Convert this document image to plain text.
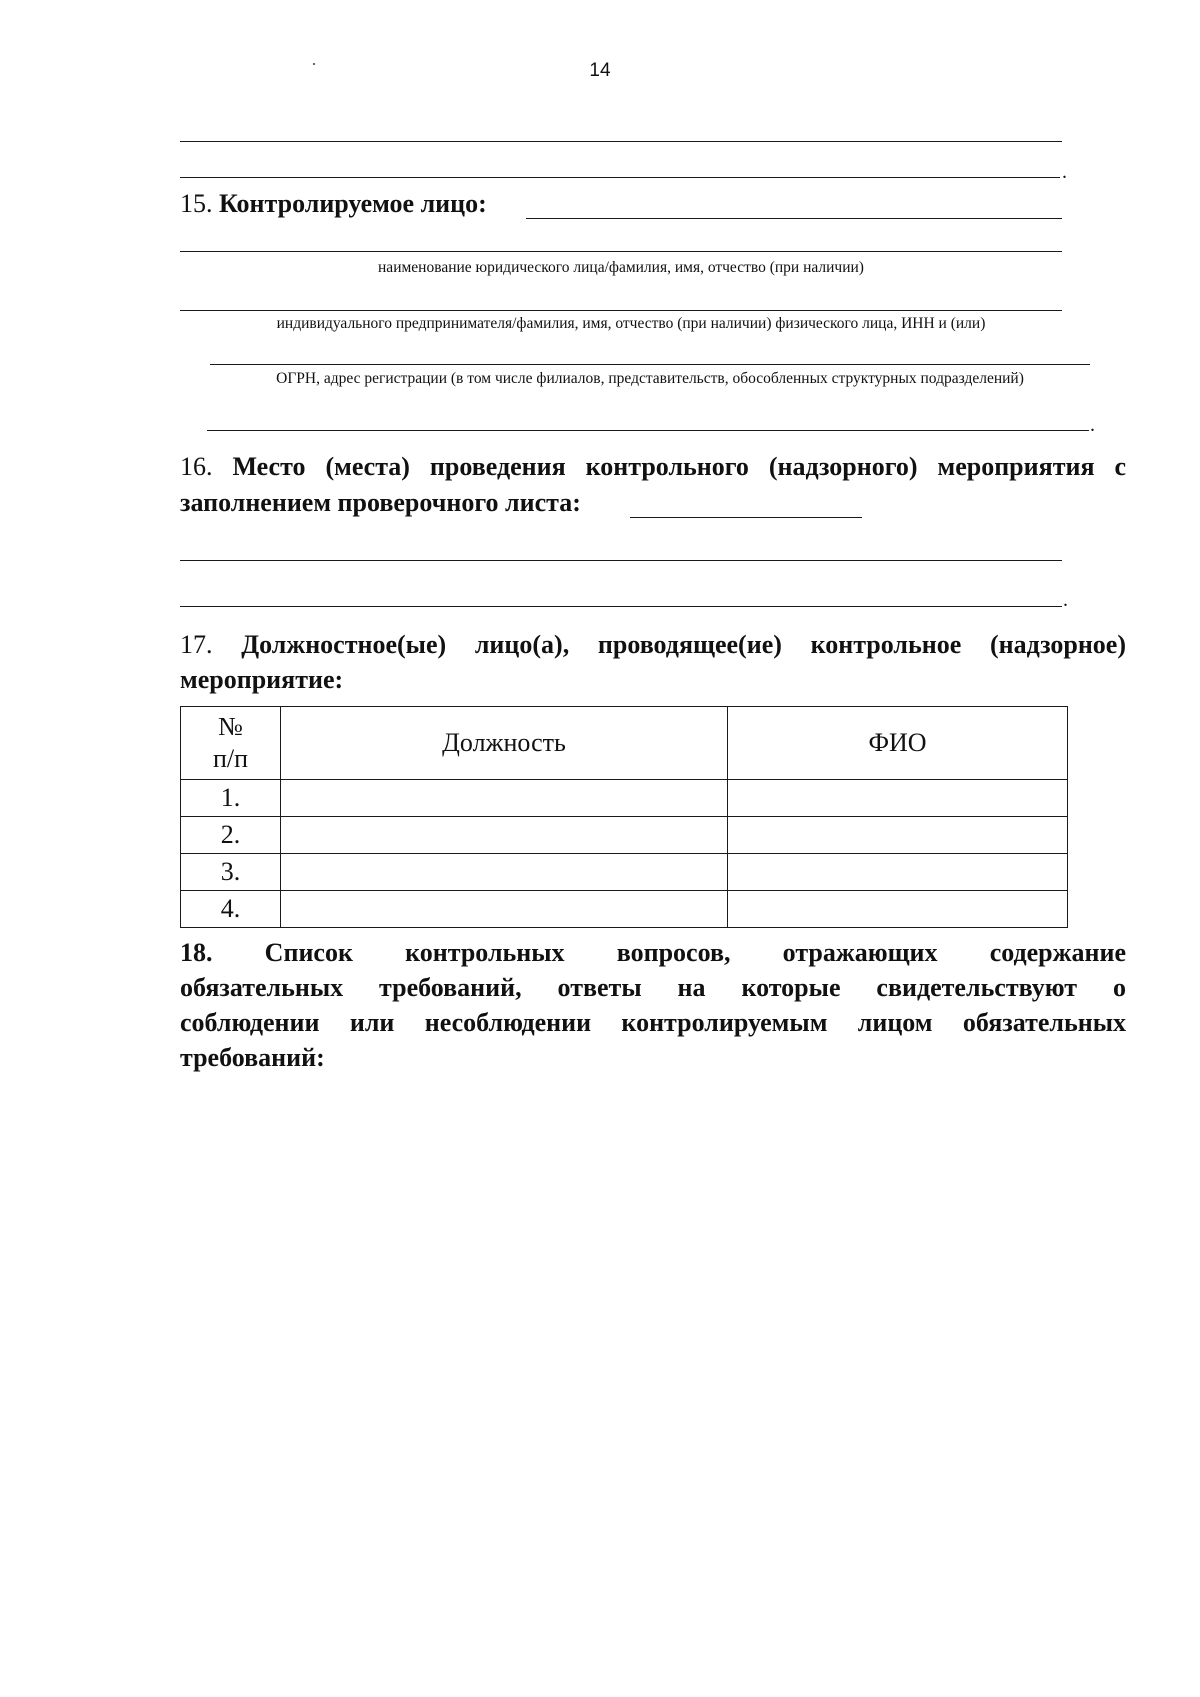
14
.
15. Контролируемое лицо:
наименование юридического лица/фамилия, имя, отчество (при наличии)
индивидуального предпринимателя/фамилия, имя, отчество (при наличии) физического лица, ИНН и (или)
ОГРН, адрес регистрации (в том числе филиалов, представительств, обособленных структурных подразделений)
.
16. Место (места) проведения контрольного (надзорного) мероприятия с
заполнением проверочного листа:
.
17. Должностное(ые) лицо(а), проводящее(ие) контрольное (надзорное)
мероприятие:
№
п/п	Должность	ФИО
1.		
2.		
3.		
4.		
18. Список контрольных вопросов, отражающих содержание
обязательных требований, ответы на которые свидетельствуют о
соблюдении или несоблюдении контролируемым лицом обязательных
требований:
